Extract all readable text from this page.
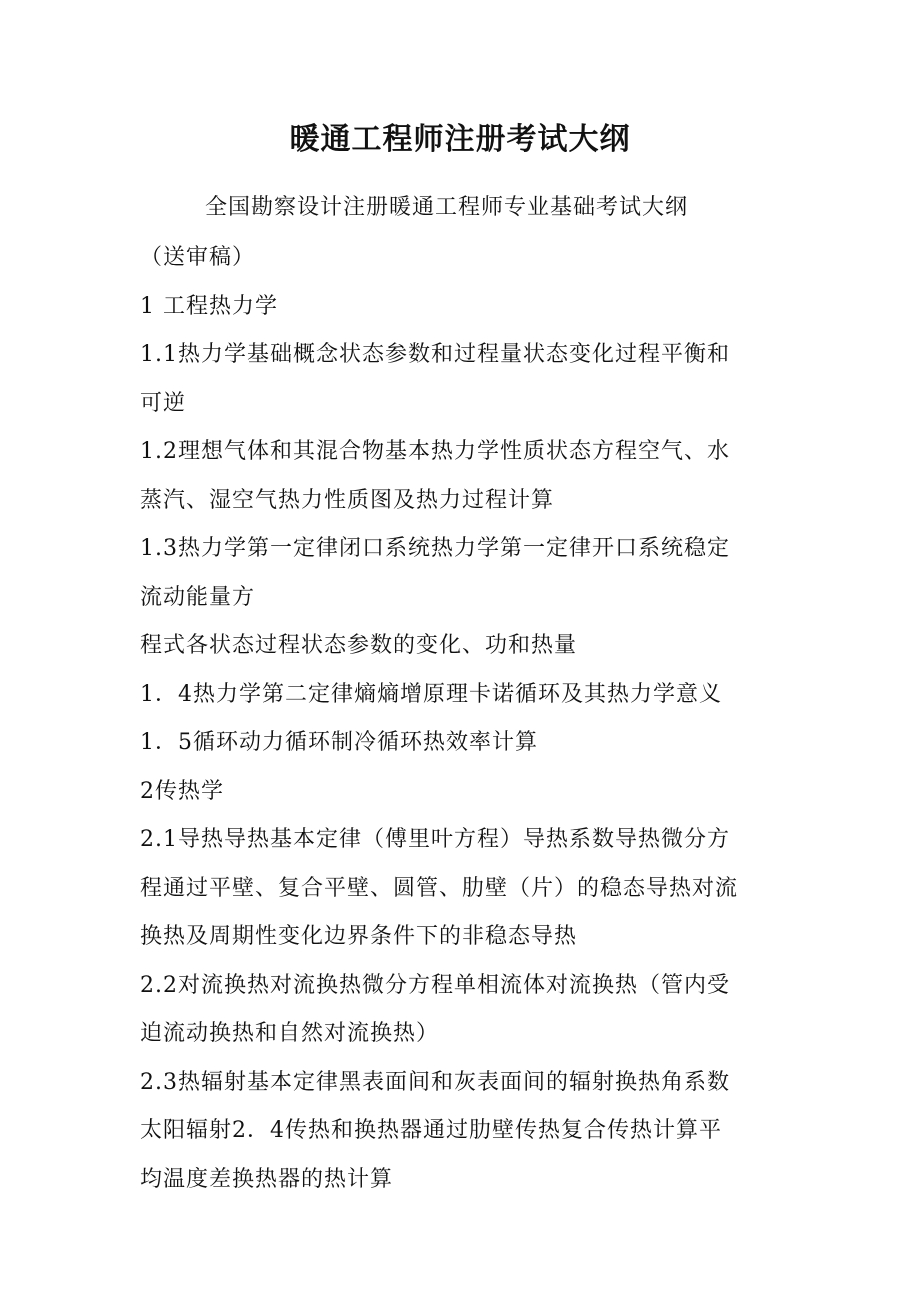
暖通工程师注册考试大纲
全国勘察设计注册暖通工程师专业基础考试大纲
（送审稿）
1 工程热力学
1.1热力学基础概念状态参数和过程量状态变化过程平衡和
可逆
1.2理想气体和其混合物基本热力学性质状态方程空气、水
蒸汽、湿空气热力性质图及热力过程计算
1.3热力学第一定律闭口系统热力学第一定律开口系统稳定
流动能量方
程式各状态过程状态参数的变化、功和热量
1．4热力学第二定律熵熵增原理卡诺循环及其热力学意义
1．5循环动力循环制冷循环热效率计算
2传热学
2.1导热导热基本定律（傅里叶方程）导热系数导热微分方
程通过平壁、复合平壁、圆管、肋壁（片）的稳态导热对流
换热及周期性变化边界条件下的非稳态导热
2.2对流换热对流换热微分方程单相流体对流换热（管内受
迫流动换热和自然对流换热）
2.3热辐射基本定律黑表面间和灰表面间的辐射换热角系数
太阳辐射2．4传热和换热器通过肋壁传热复合传热计算平
均温度差换热器的热计算
